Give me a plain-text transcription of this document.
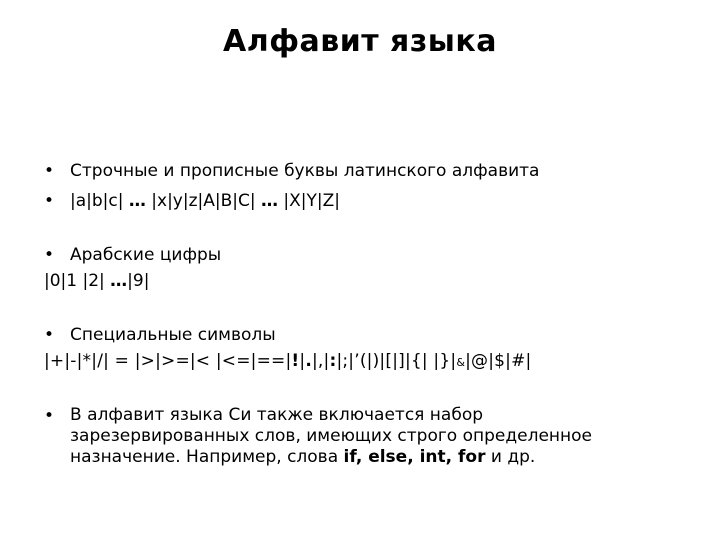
Алфавит языка
• Строчные и прописные буквы латинского алфавита
• |a|b|c| … |x|y|z|A|B|C| … |X|Y|Z|
• Арабские цифры
|0|1 |2| …|9|
• Специальные символы
|+|-|*|/| = |>|>=|< |<=|==|!|.|,|:|;|’(|)|[|]|{| |}|&|@|$|#|
• В алфавит языка Си также включается набор зарезервированных слов, имеющих строго определенное назначение. Например, слова if, else, int, for и др.
